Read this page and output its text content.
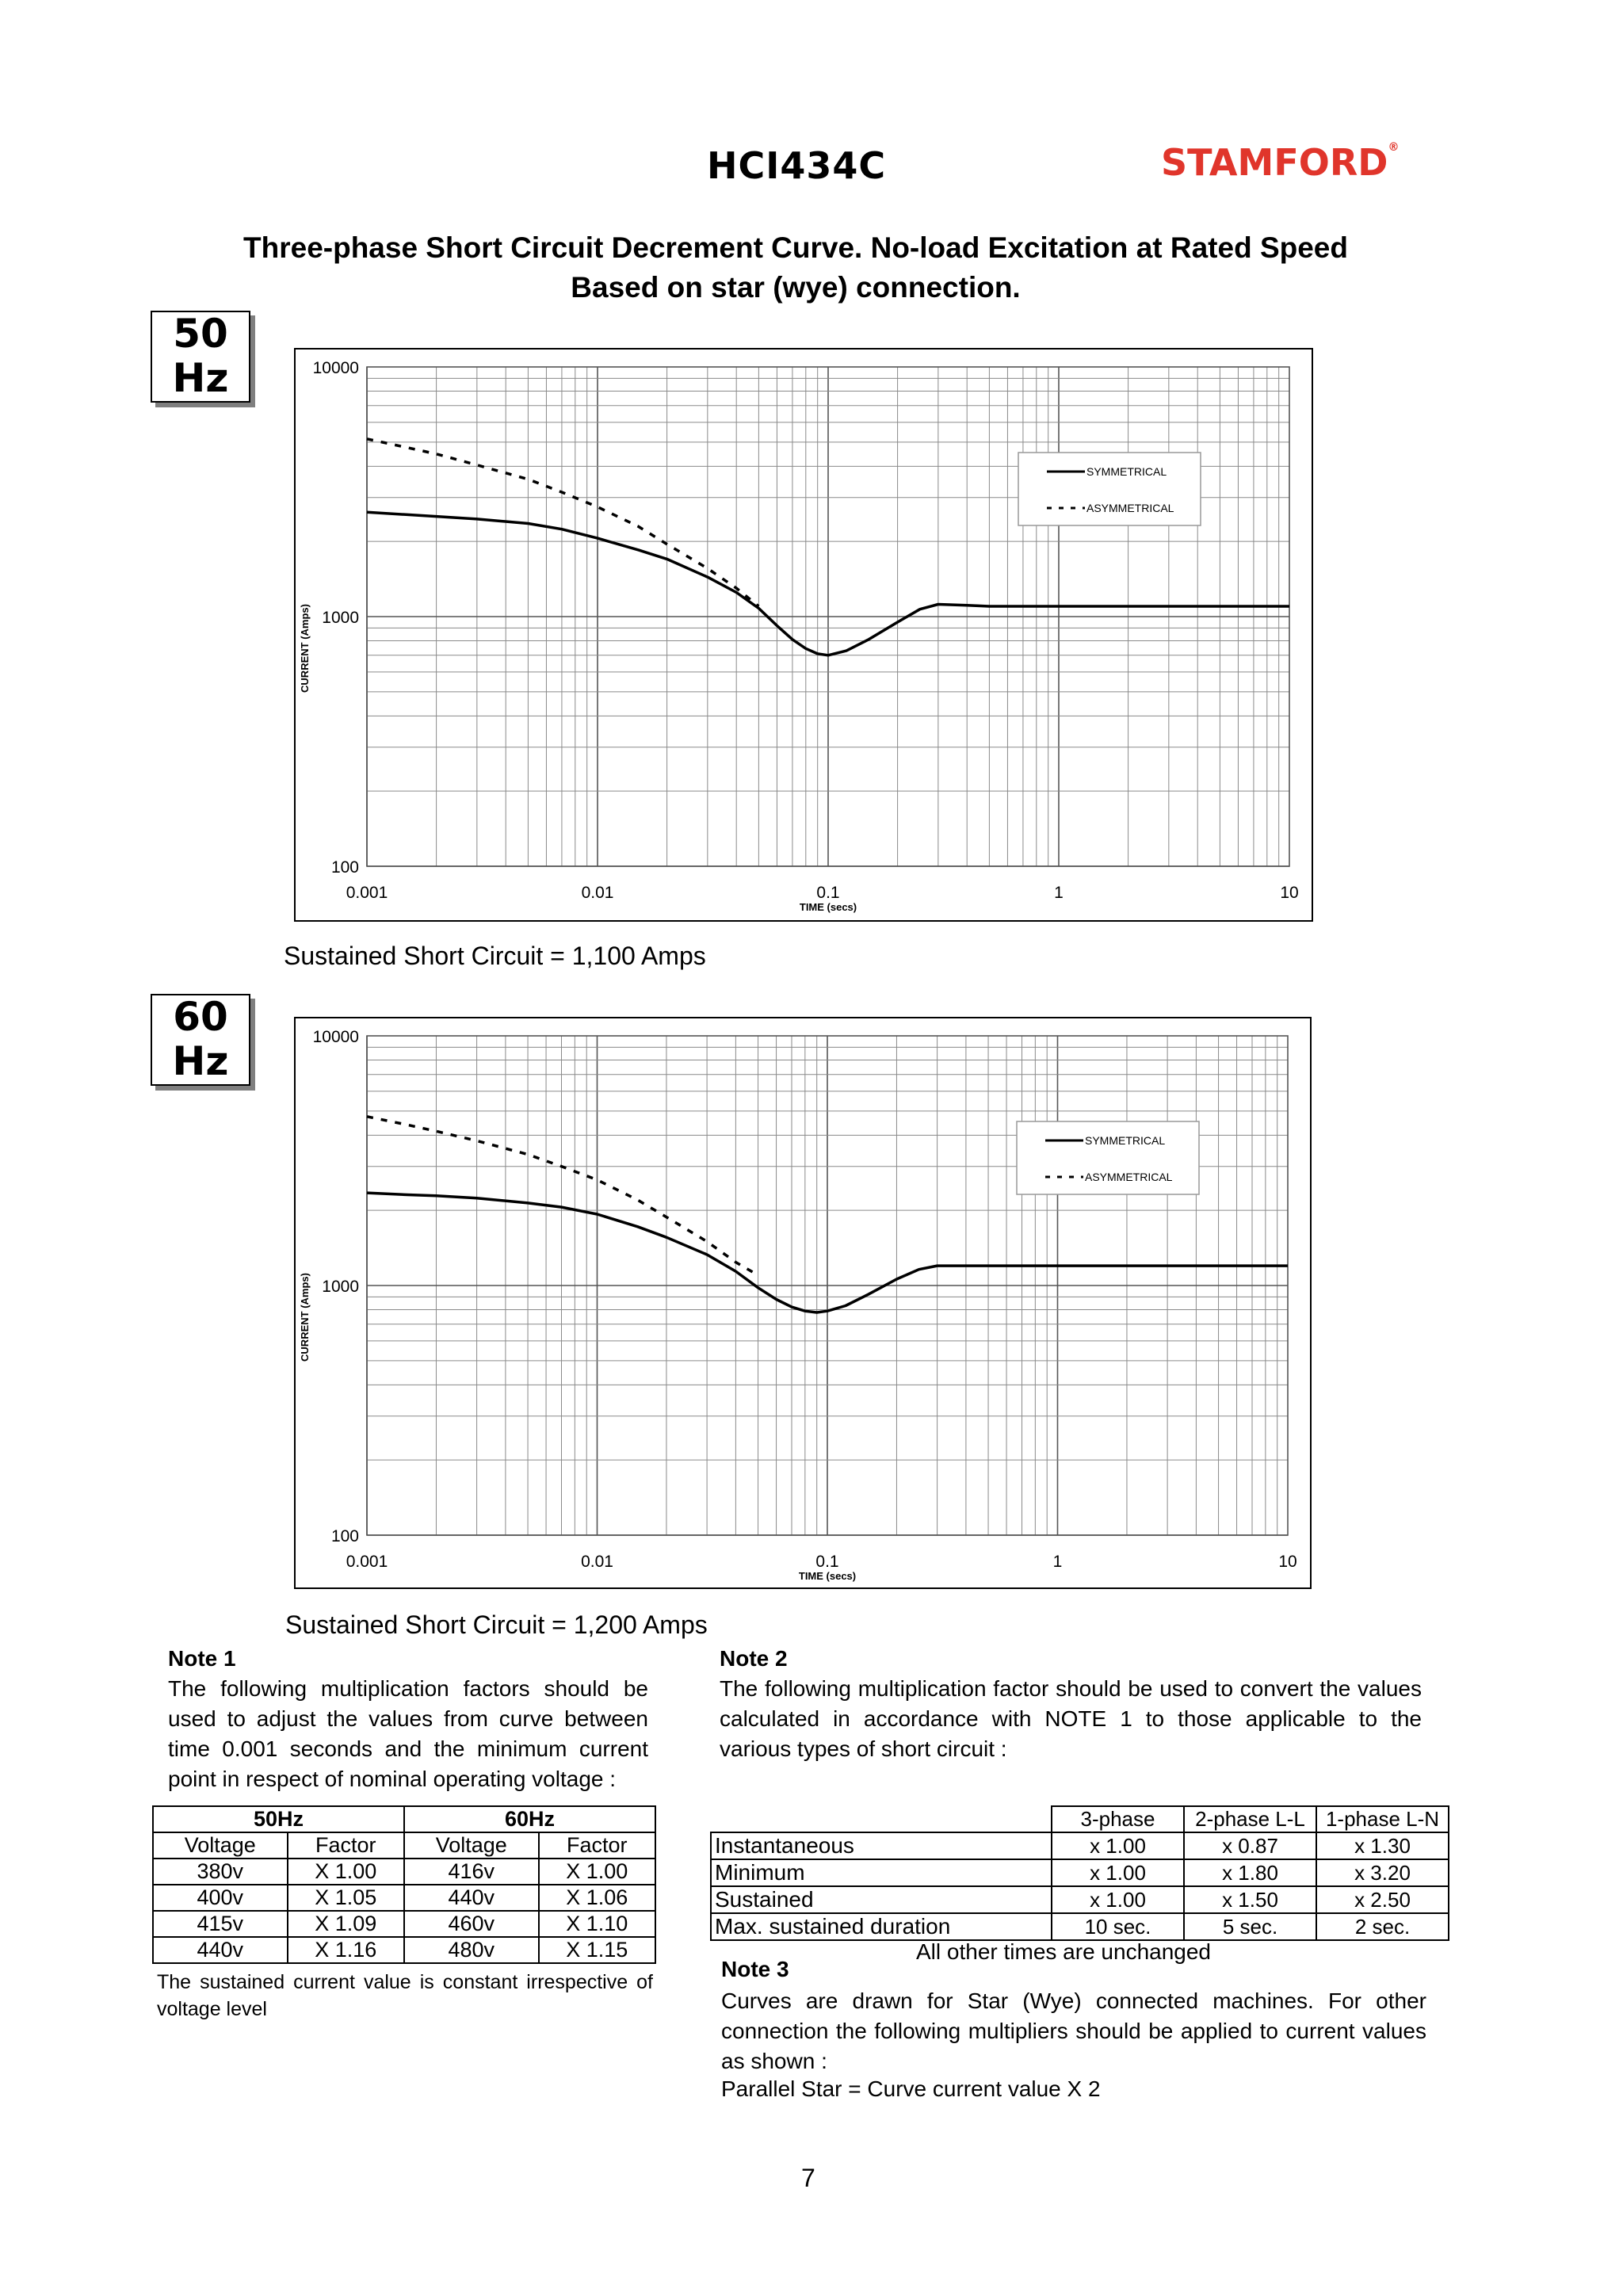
HCI434C	STAMFORD®
Three-phase Short Circuit Decrement Curve. No-load Excitation at Rated Speed
Based on star (wye) connection.
50
Hz
60
Hz
0.001	0.01	0.1	1	10
100
1000
10000
TIME (secs)
CURRENT (Amps)
SYMMETRICAL
ASYMMETRICAL
0.001	0.01	0.1	1	10
100
1000
10000
TIME (secs)
CURRENT (Amps)
SYMMETRICAL
ASYMMETRICAL
Sustained Short Circuit = 1,100 Amps
Sustained Short Circuit = 1,200 Amps
Note 1
The following multiplication factors should be used to adjust the values from curve between time 0.001 seconds and the minimum current point in respect of nominal operating voltage :
50Hz		60Hz	
Voltage	Factor	Voltage	Factor
380v	X 1.00	416v	X 1.00
400v	X 1.05	440v	X 1.06
415v	X 1.09	460v	X 1.10
440v	X 1.16	480v	X 1.15
The sustained current value is constant irrespective of voltage level
Note 2
The following multiplication factor should be used to convert the values calculated in accordance with NOTE 1 to those applicable to the various types of short circuit :
	3-phase	2-phase L-L	1-phase L-N
Instantaneous	x 1.00	x 0.87	x 1.30
Minimum	x 1.00	x 1.80	x 3.20
Sustained	x 1.00	x 1.50	x 2.50
Max. sustained duration	10 sec.	5 sec.	2 sec.
All other times are unchanged
Note 3
Curves are drawn for Star (Wye) connected machines. For other connection the following multipliers should be applied to current values as shown :
Parallel Star = Curve current value X 2
7
